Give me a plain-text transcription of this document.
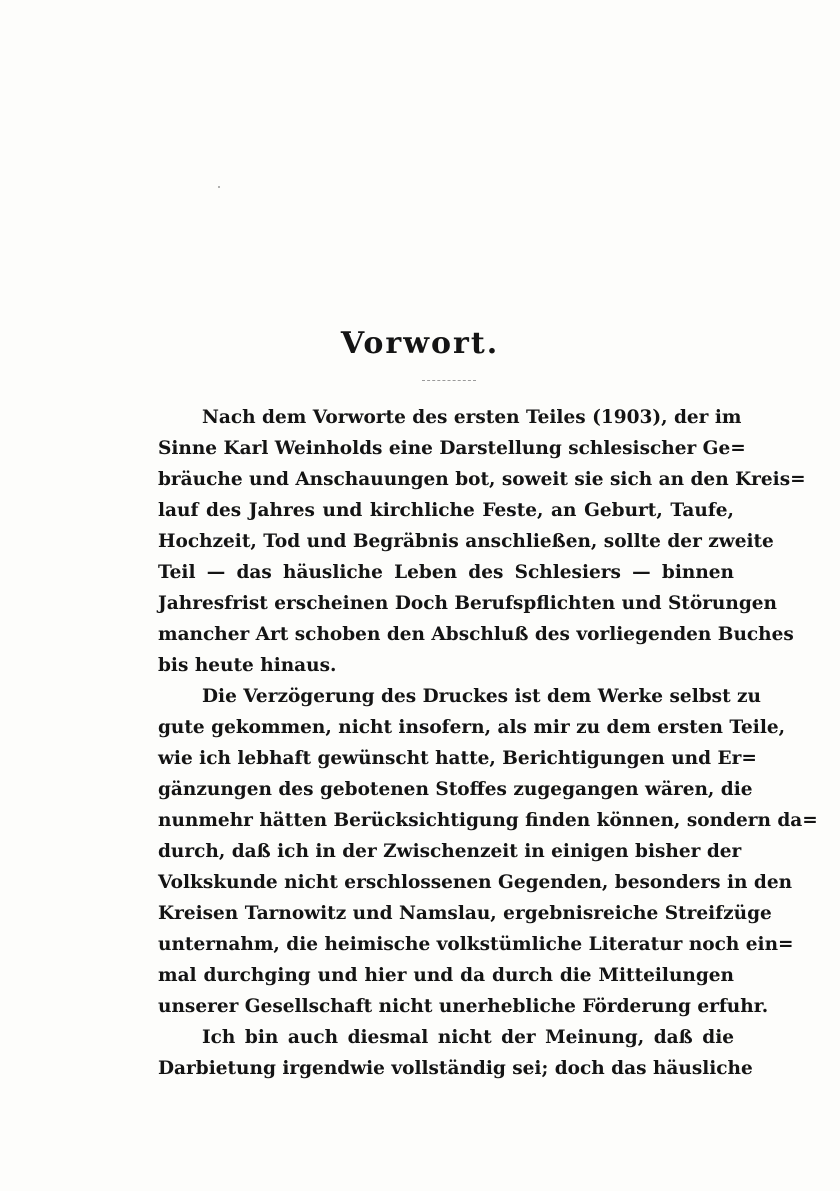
Vorwort.
Nach dem Vorworte des ersten Teiles (1903), der im
Sinne Karl Weinholds eine Darstellung schlesischer Ge=
bräuche und Anschauungen bot, soweit sie sich an den Kreis=
lauf des Jahres und kirchliche Feste, an Geburt, Taufe,
Hochzeit, Tod und Begräbnis anschließen, sollte der zweite
Teil — das häusliche Leben des Schlesiers — binnen
Jahresfrist erscheinen Doch Berufspflichten und Störungen
mancher Art schoben den Abschluß des vorliegenden Buches
bis heute hinaus.
Die Verzögerung des Druckes ist dem Werke selbst zu
gute gekommen, nicht insofern, als mir zu dem ersten Teile,
wie ich lebhaft gewünscht hatte, Berichtigungen und Er=
gänzungen des gebotenen Stoffes zugegangen wären, die
nunmehr hätten Berücksichtigung finden können, sondern da=
durch, daß ich in der Zwischenzeit in einigen bisher der
Volkskunde nicht erschlossenen Gegenden, besonders in den
Kreisen Tarnowitz und Namslau, ergebnisreiche Streifzüge
unternahm, die heimische volkstümliche Literatur noch ein=
mal durchging und hier und da durch die Mitteilungen
unserer Gesellschaft nicht unerhebliche Förderung erfuhr.
Ich bin auch diesmal nicht der Meinung, daß die
Darbietung irgendwie vollständig sei; doch das häusliche
